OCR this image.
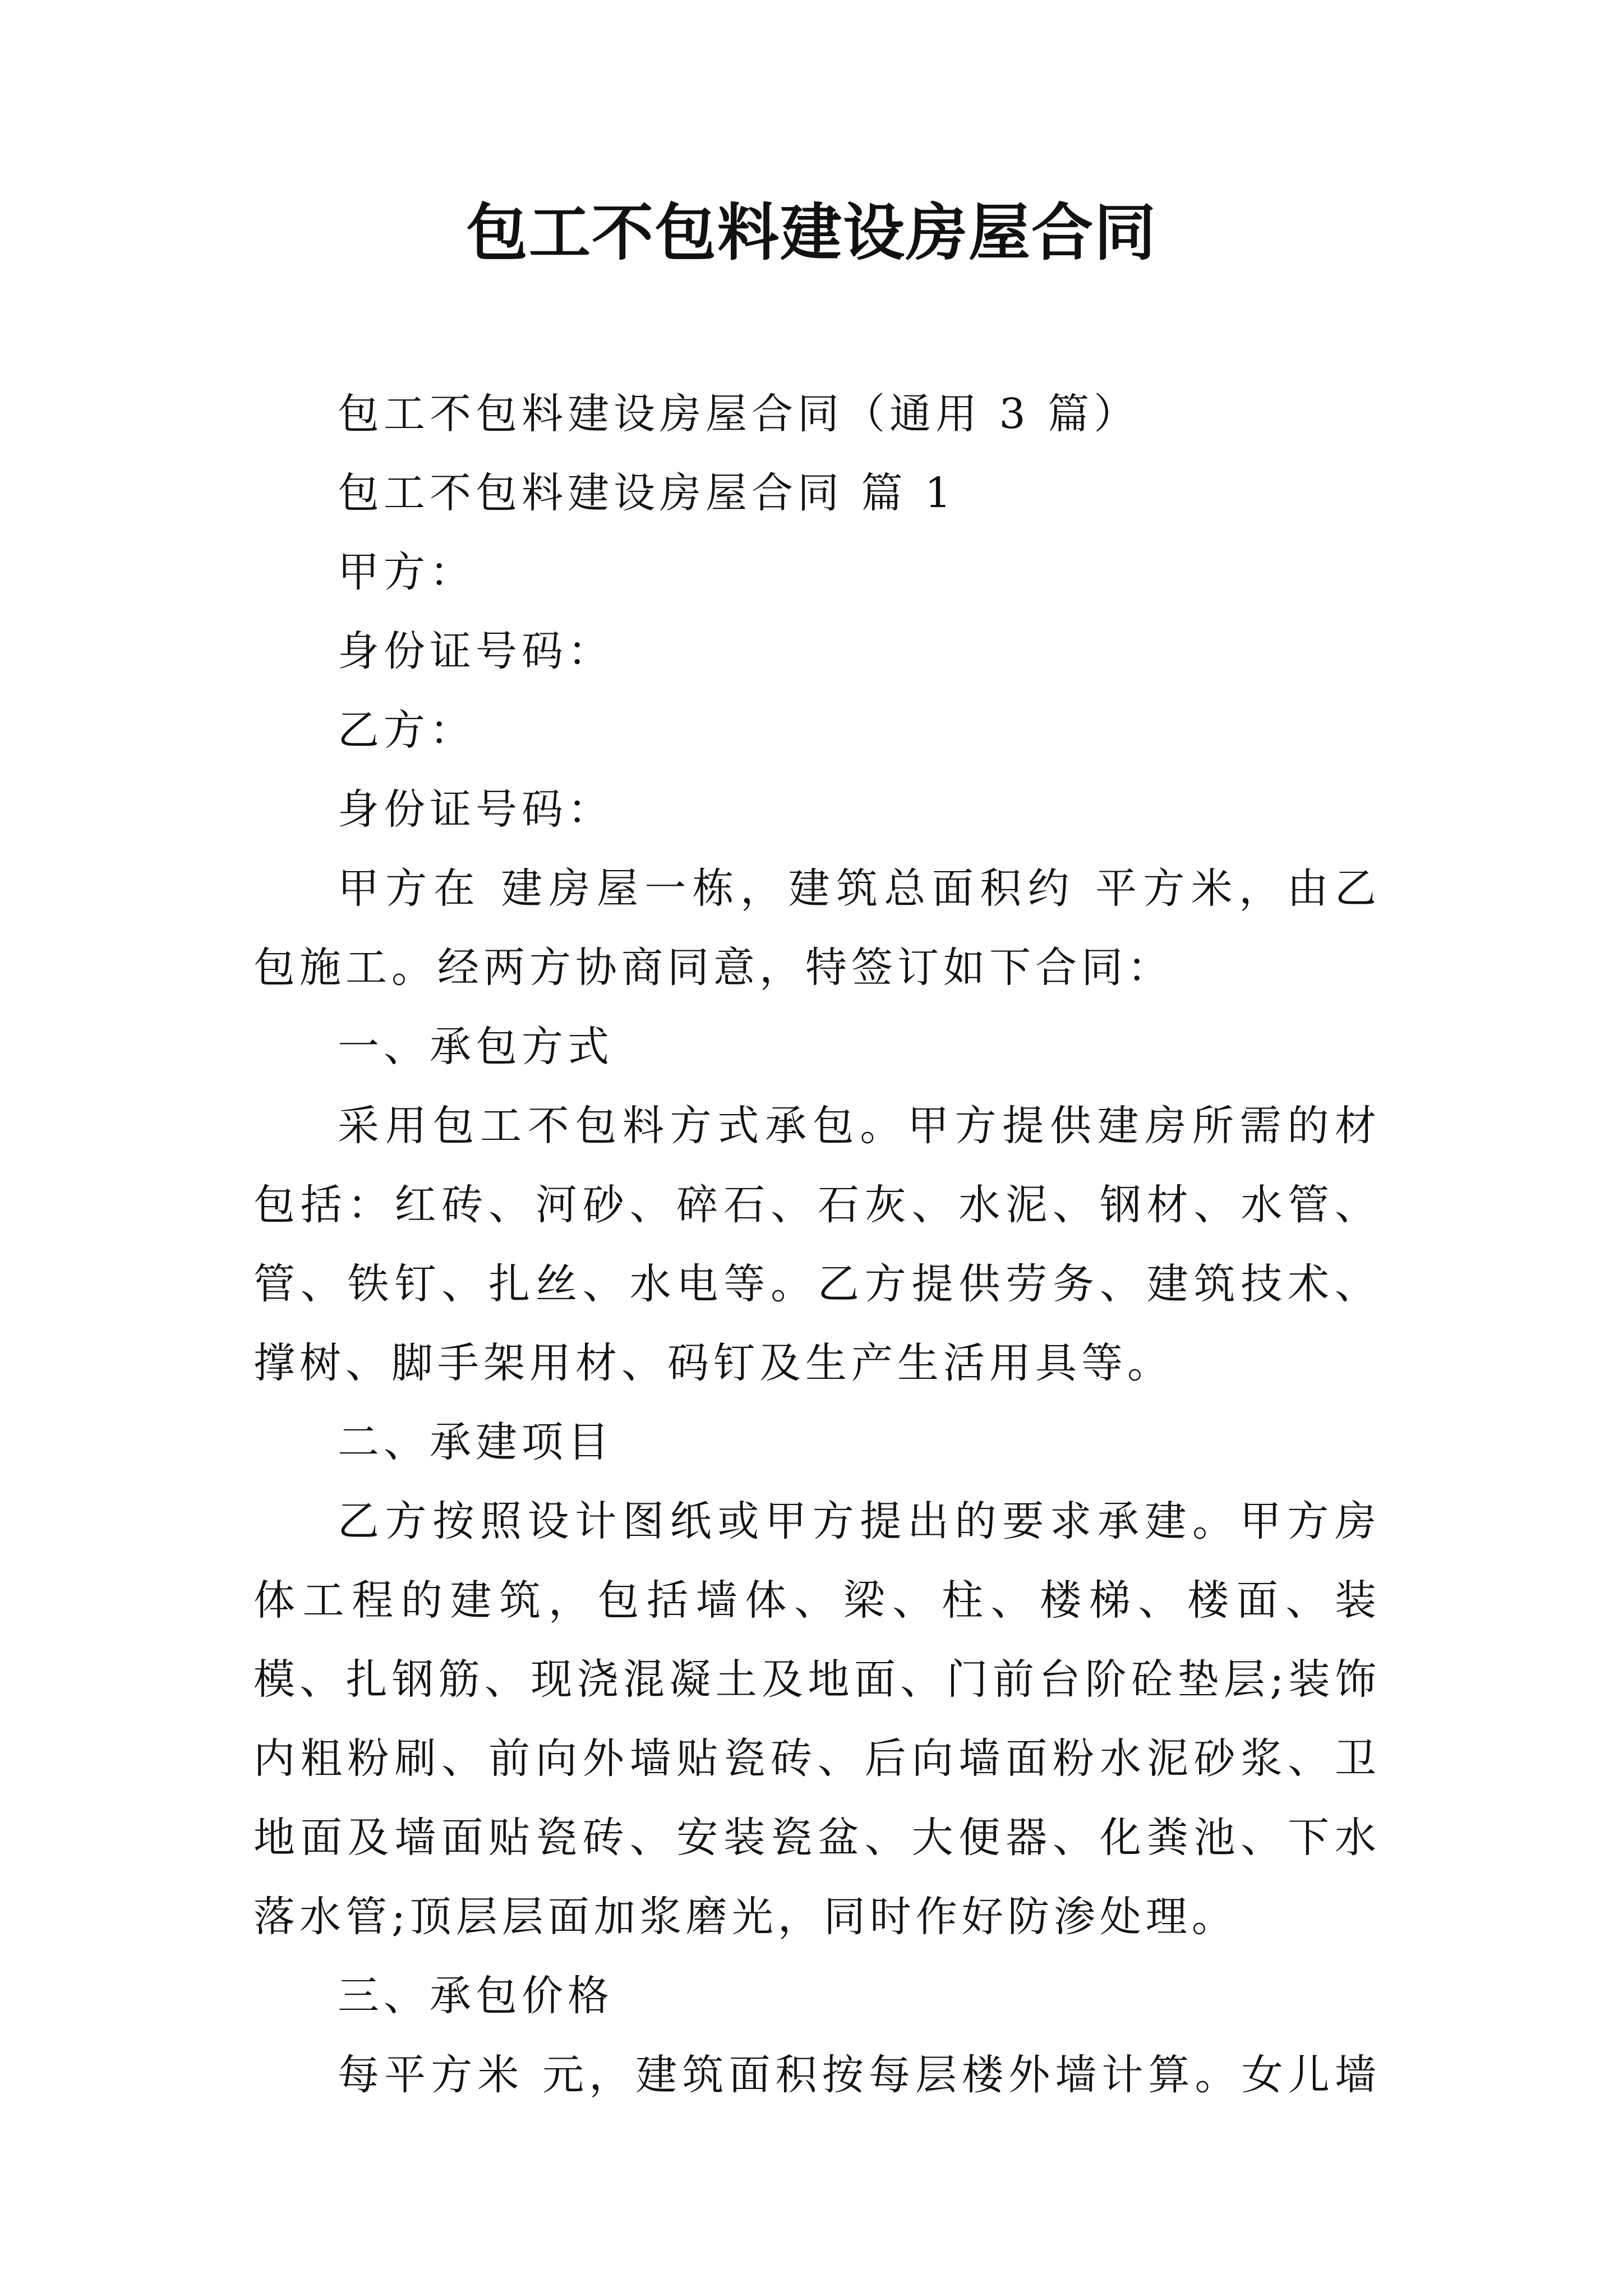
包工不包料建设房屋合同
包工不包料建设房屋合同（通用 3 篇）
包工不包料建设房屋合同 篇 1
甲方：
身份证号码：
乙方：
身份证号码：
甲方在 建房屋一栋，建筑总面积约 平方米，由乙
包施工。经两方协商同意，特签订如下合同：
一、承包方式
采用包工不包料方式承包。甲方提供建房所需的材
包括：红砖、河砂、碎石、石灰、水泥、钢材、水管、
管、铁钉、扎丝、水电等。乙方提供劳务、建筑技术、
撑树、脚手架用材、码钉及生产生活用具等。
二、承建项目
乙方按照设计图纸或甲方提出的要求承建。甲方房
体工程的建筑，包括墙体、梁、柱、楼梯、楼面、装
模、扎钢筋、现浇混凝土及地面、门前台阶砼垫层;装饰
内粗粉刷、前向外墙贴瓷砖、后向墙面粉水泥砂浆、卫
地面及墙面贴瓷砖、安装瓷盆、大便器、化粪池、下水
落水管;顶层层面加浆磨光，同时作好防渗处理。
三、承包价格
每平方米 元，建筑面积按每层楼外墙计算。女儿墙
